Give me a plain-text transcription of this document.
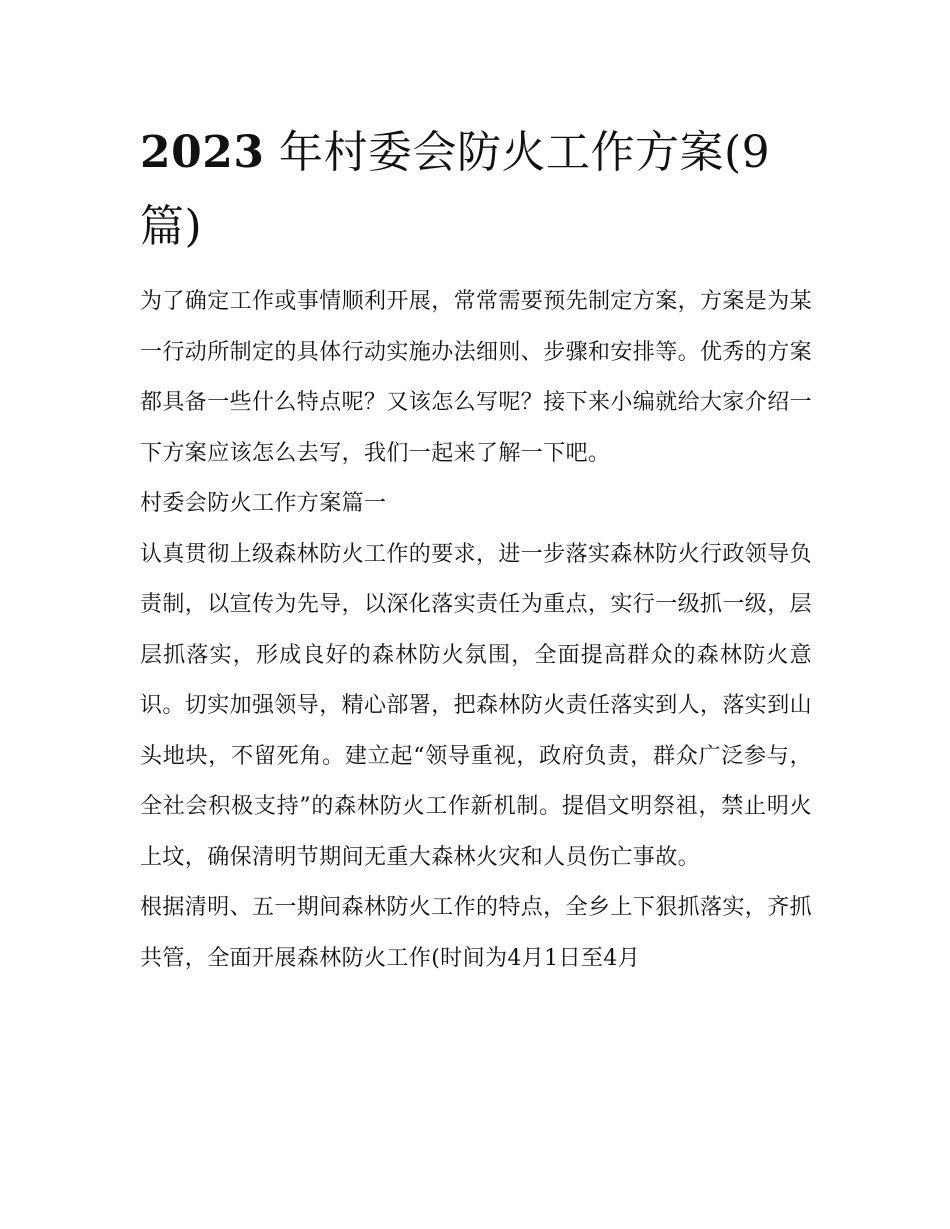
2023 年村委会防火工作方案(9篇)

为了确定工作或事情顺利开展，常常需要预先制定方案，方案是为某一行动所制定的具体行动实施办法细则、步骤和安排等。优秀的方案都具备一些什么特点呢？又该怎么写呢？接下来小编就给大家介绍一下方案应该怎么去写，我们一起来了解一下吧。

村委会防火工作方案篇一

认真贯彻上级森林防火工作的要求，进一步落实森林防火行政领导负责制，以宣传为先导，以深化落实责任为重点，实行一级抓一级，层层抓落实，形成良好的森林防火氛围，全面提高群众的森林防火意识。切实加强领导，精心部署，把森林防火责任落实到人，落实到山头地块，不留死角。建立起“领导重视，政府负责，群众广泛参与，全社会积极支持”的森林防火工作新机制。提倡文明祭祖，禁止明火上坟，确保清明节期间无重大森林火灾和人员伤亡事故。

根据清明、五一期间森林防火工作的特点，全乡上下狠抓落实，齐抓共管，全面开展森林防火工作(时间为4月1日至4月
